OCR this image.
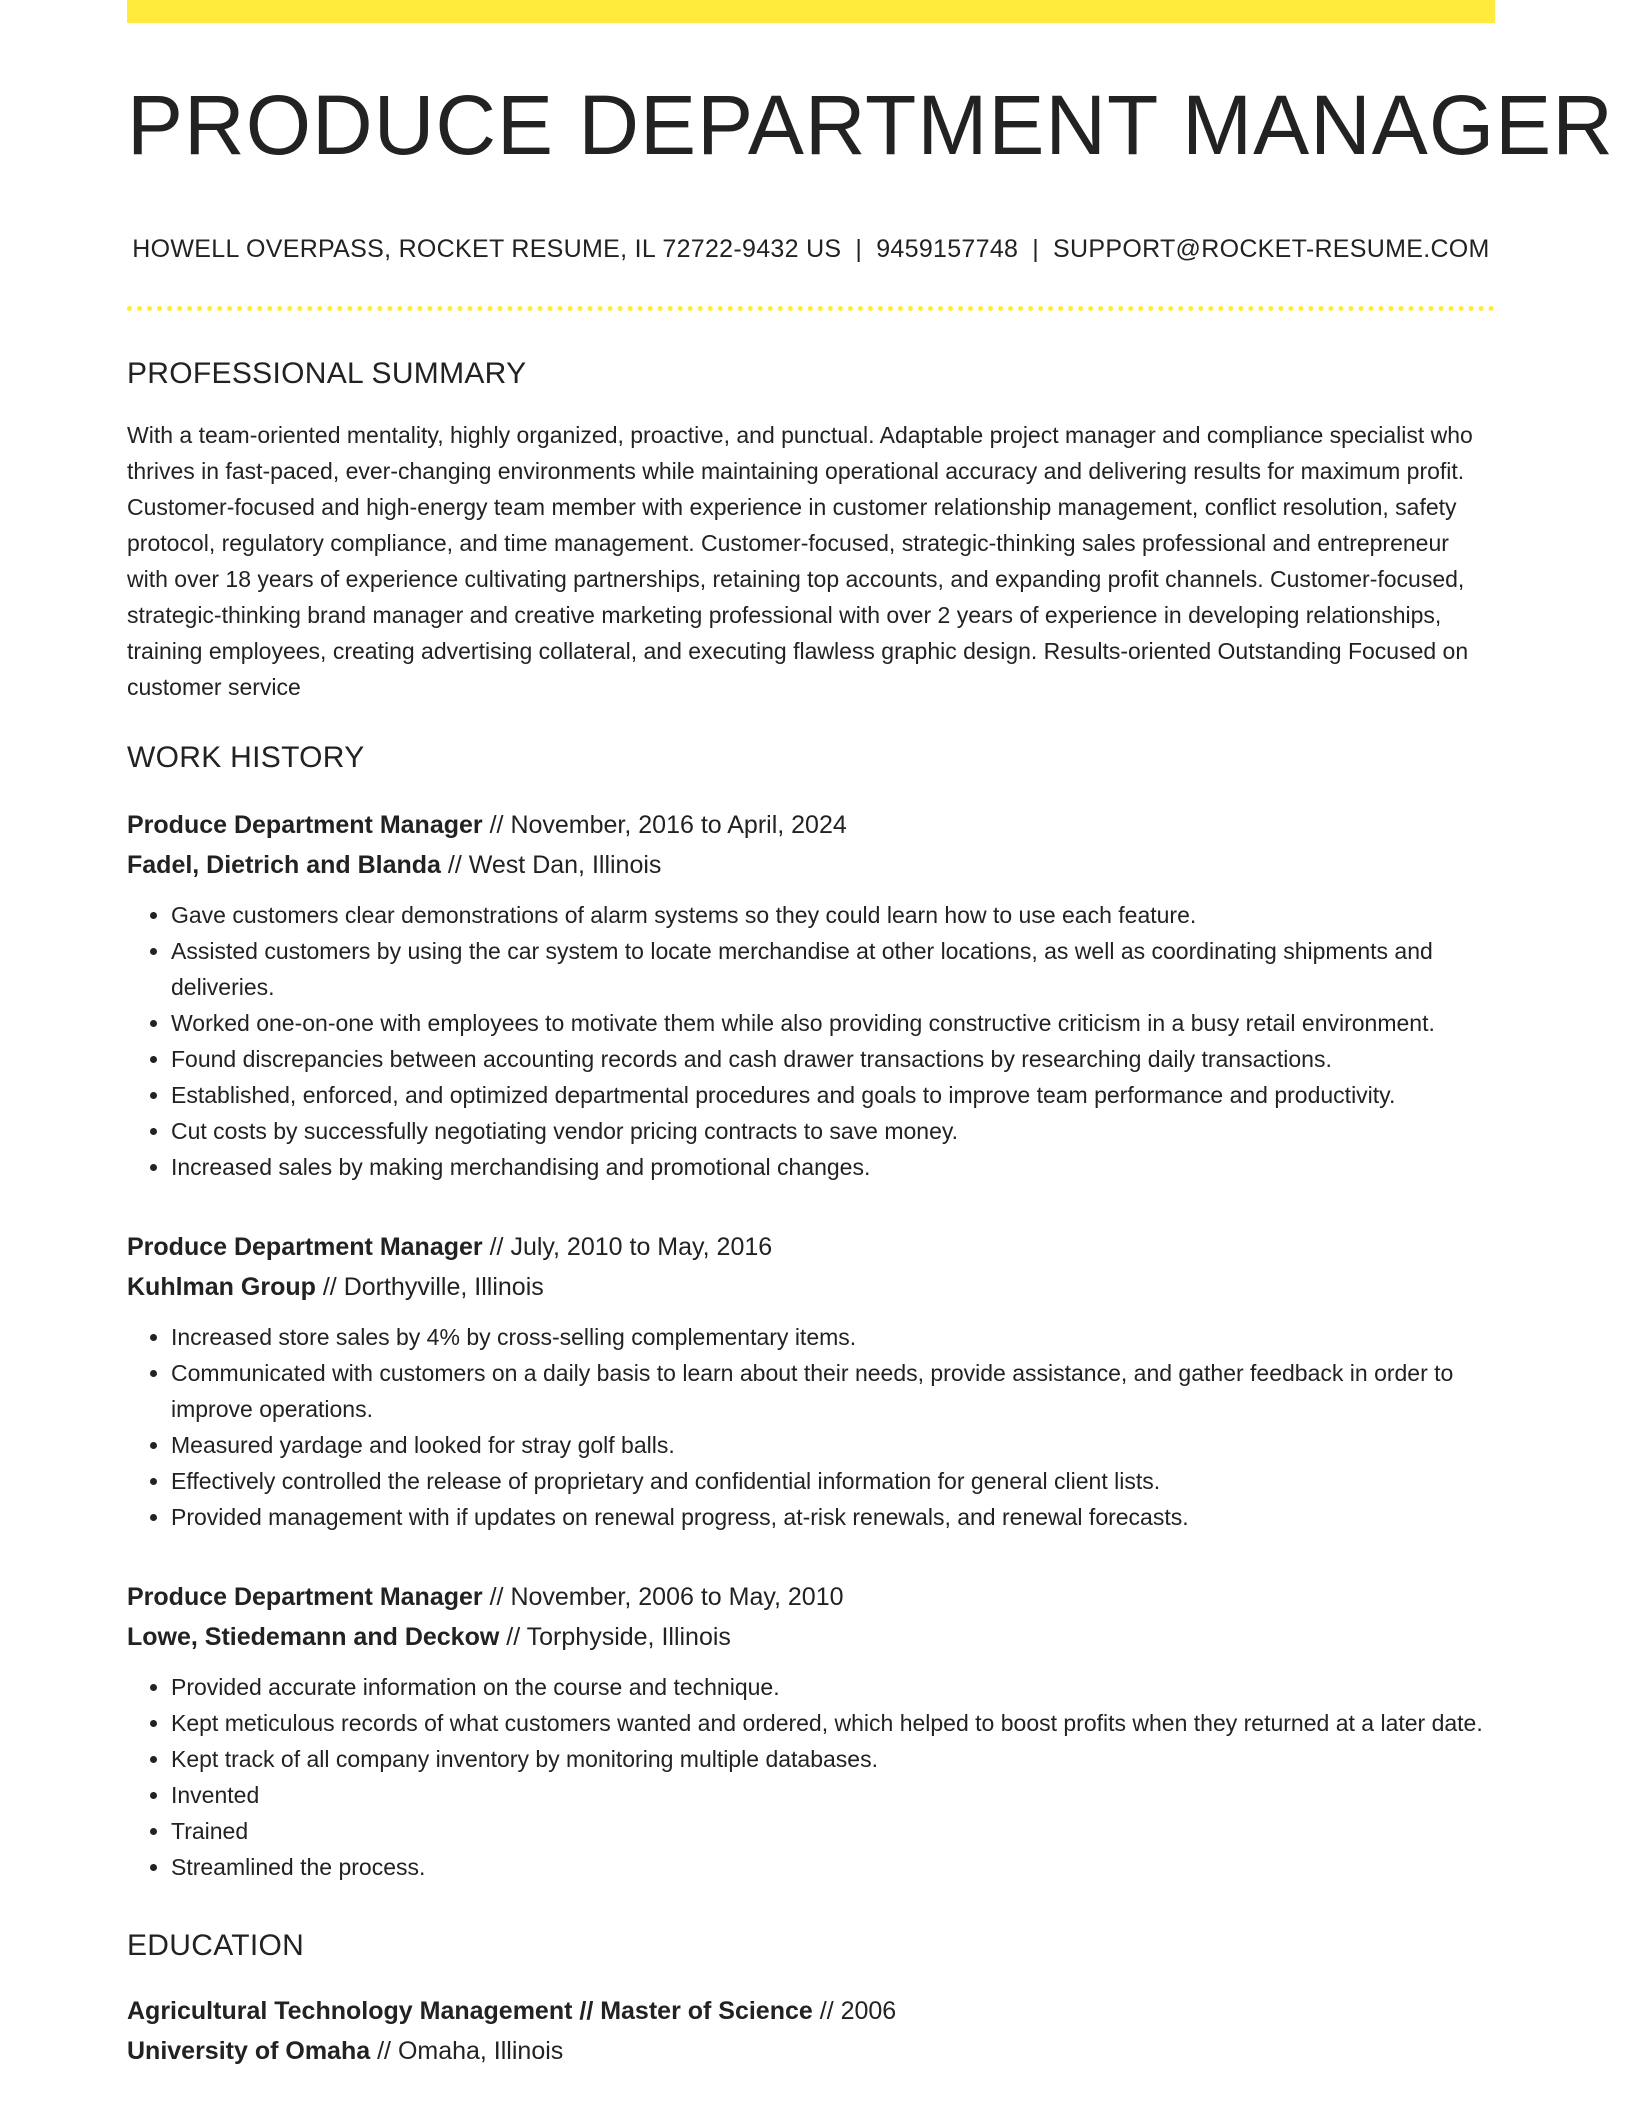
PRODUCE DEPARTMENT MANAGER
HOWELL OVERPASS, ROCKET RESUME, IL 72722-9432 US | 9459157748 | SUPPORT@ROCKET-RESUME.COM
PROFESSIONAL SUMMARY
With a team-oriented mentality, highly organized, proactive, and punctual. Adaptable project manager and compliance specialist who thrives in fast-paced, ever-changing environments while maintaining operational accuracy and delivering results for maximum profit. Customer-focused and high-energy team member with experience in customer relationship management, conflict resolution, safety protocol, regulatory compliance, and time management. Customer-focused, strategic-thinking sales professional and entrepreneur with over 18 years of experience cultivating partnerships, retaining top accounts, and expanding profit channels. Customer-focused, strategic-thinking brand manager and creative marketing professional with over 2 years of experience in developing relationships, training employees, creating advertising collateral, and executing flawless graphic design. Results-oriented Outstanding Focused on customer service
WORK HISTORY
Produce Department Manager // November, 2016 to April, 2024
Fadel, Dietrich and Blanda // West Dan, Illinois
• Gave customers clear demonstrations of alarm systems so they could learn how to use each feature.
• Assisted customers by using the car system to locate merchandise at other locations, as well as coordinating shipments and deliveries.
• Worked one-on-one with employees to motivate them while also providing constructive criticism in a busy retail environment.
• Found discrepancies between accounting records and cash drawer transactions by researching daily transactions.
• Established, enforced, and optimized departmental procedures and goals to improve team performance and productivity.
• Cut costs by successfully negotiating vendor pricing contracts to save money.
• Increased sales by making merchandising and promotional changes.
Produce Department Manager // July, 2010 to May, 2016
Kuhlman Group // Dorthyville, Illinois
• Increased store sales by 4% by cross-selling complementary items.
• Communicated with customers on a daily basis to learn about their needs, provide assistance, and gather feedback in order to improve operations.
• Measured yardage and looked for stray golf balls.
• Effectively controlled the release of proprietary and confidential information for general client lists.
• Provided management with if updates on renewal progress, at-risk renewals, and renewal forecasts.
Produce Department Manager // November, 2006 to May, 2010
Lowe, Stiedemann and Deckow // Torphyside, Illinois
• Provided accurate information on the course and technique.
• Kept meticulous records of what customers wanted and ordered, which helped to boost profits when they returned at a later date.
• Kept track of all company inventory by monitoring multiple databases.
• Invented
• Trained
• Streamlined the process.
EDUCATION
Agricultural Technology Management // Master of Science // 2006
University of Omaha // Omaha, Illinois
